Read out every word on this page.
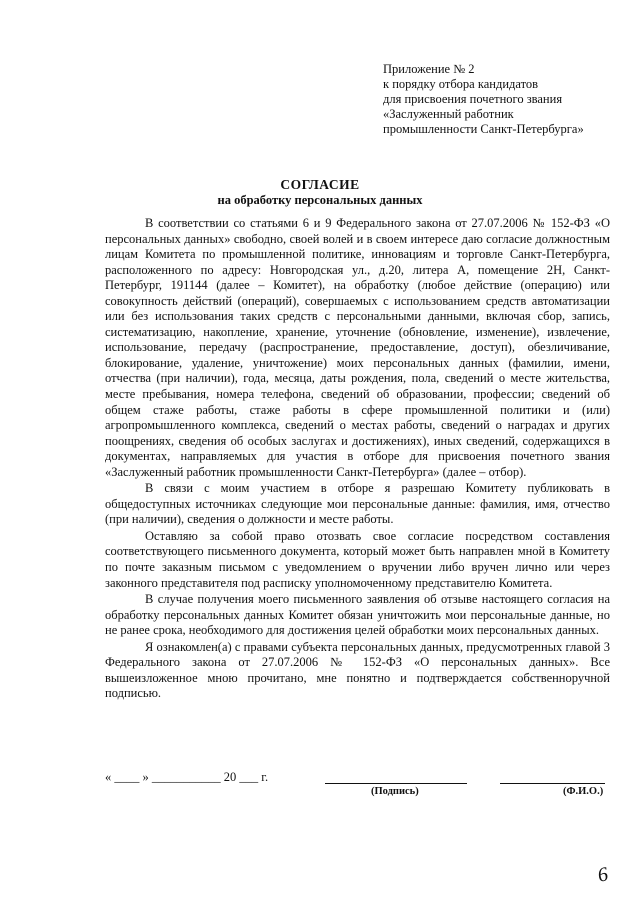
Приложение № 2
к порядку отбора кандидатов
для присвоения почетного звания
«Заслуженный работник
промышленности Санкт-Петербурга»
СОГЛАСИЕ
на обработку персональных данных

В соответствии со статьями 6 и 9 Федерального закона от 27.07.2006 № 152-ФЗ «О персональных данных» свободно, своей волей и в своем интересе даю согласие должностным лицам Комитета по промышленной политике, инновациям и торговле Санкт-Петербурга, расположенного по адресу: Новгородская ул., д.20, литера А, помещение 2Н, Санкт-Петербург, 191144 (далее – Комитет), на обработку (любое действие (операцию) или совокупность действий (операций), совершаемых с использованием средств автоматизации или без использования таких средств с персональными данными, включая сбор, запись, систематизацию, накопление, хранение, уточнение (обновление, изменение), извлечение, использование, передачу (распространение, предоставление, доступ), обезличивание, блокирование, удаление, уничтожение) моих персональных данных (фамилии, имени, отчества (при наличии), года, месяца, даты рождения, пола, сведений о месте жительства, месте пребывания, номера телефона, сведений об образовании, профессии; сведений об общем стаже работы, стаже работы в сфере промышленной политики и (или) агропромышленного комплекса, сведений о местах работы, сведений о наградах и других поощрениях, сведения об особых заслугах и достижениях), иных сведений, содержащихся в документах, направляемых для участия в отборе для присвоения почетного звания «Заслуженный работник промышленности Санкт-Петербурга» (далее – отбор).

В связи с моим участием в отборе я разрешаю Комитету публиковать в общедоступных источниках следующие мои персональные данные: фамилия, имя, отчество (при наличии), сведения о должности и месте работы.

Оставляю за собой право отозвать свое согласие посредством составления соответствующего письменного документа, который может быть направлен мной в Комитету по почте заказным письмом с уведомлением о вручении либо вручен лично или через законного представителя под расписку уполномоченному представителю Комитета.

В случае получения моего письменного заявления об отзыве настоящего согласия на обработку персональных данных Комитет обязан уничтожить мои персональные данные, но не ранее срока, необходимого для достижения целей обработки моих персональных данных.

Я ознакомлен(а) с правами субъекта персональных данных, предусмотренных главой 3 Федерального закона от 27.07.2006 № 152-ФЗ «О персональных данных». Все вышеизложенное мною прочитано, мне понятно и подтверждается собственноручной подписью.

« ____ » ___________ 20 ___ г.
(Подпись)	(Ф.И.О.)
6
